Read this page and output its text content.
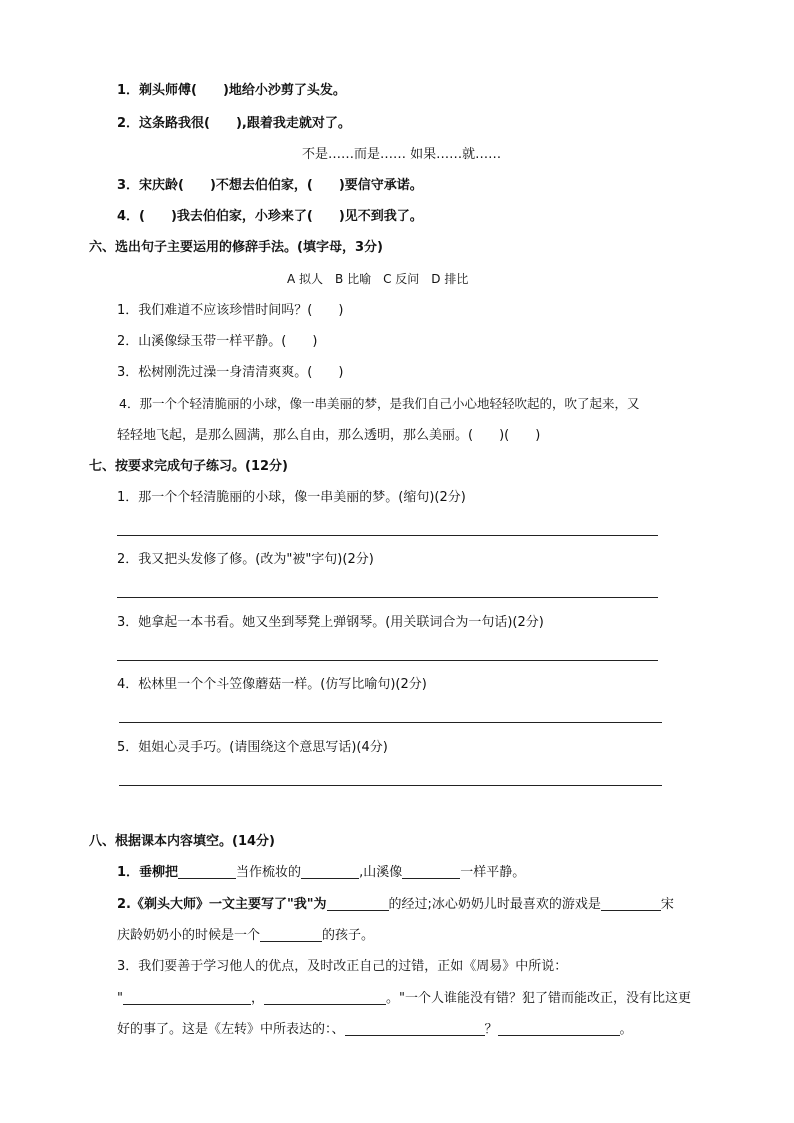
1．剃头师傅(　　)地给小沙剪了头发。
2．这条路我很(　　),跟着我走就对了。
不是……而是…… 如果……就……
3．宋庆龄(　　)不想去伯伯家，(　　)要信守承诺。
4．(　　)我去伯伯家，小珍来了(　　)见不到我了。
六、选出句子主要运用的修辞手法。(填字母，3分)
A 拟人　B 比喻　C 反问　D 排比
1．我们难道不应该珍惜时间吗？(　　)
2．山溪像绿玉带一样平静。(　　)
3．松树刚洗过澡一身清清爽爽。(　　)
4．那一个个轻清脆丽的小球，像一串美丽的梦，是我们自己小心地轻轻吹起的，吹了起来，又
轻轻地飞起，是那么圆满，那么自由，那么透明，那么美丽。(　　)(　　)
七、按要求完成句子练习。(12分)
1．那一个个轻清脆丽的小球，像一串美丽的梦。(缩句)(2分)
2．我又把头发修了修。(改为"被"字句)(2分)
3．她拿起一本书看。她又坐到琴凳上弹钢琴。(用关联词合为一句话)(2分)
4．松林里一个个斗笠像蘑菇一样。(仿写比喻句)(2分)
5．姐姐心灵手巧。(请围绕这个意思写话)(4分)
八、根据课本内容填空。(14分)
1．垂柳把	当作梳妆的	,山溪像	一样平静。
2.《剃头大师》一文主要写了"我"为	的经过;冰心奶奶儿时最喜欢的游戏是	宋
庆龄奶奶小的时候是一个	的孩子。
3．我们要善于学习他人的优点，及时改正自己的过错，正如《周易》中所说：
"	，	。"一个人谁能没有错？犯了错而能改正，没有比这更
好的事了。这是《左转》中所表达的：、	？	。
